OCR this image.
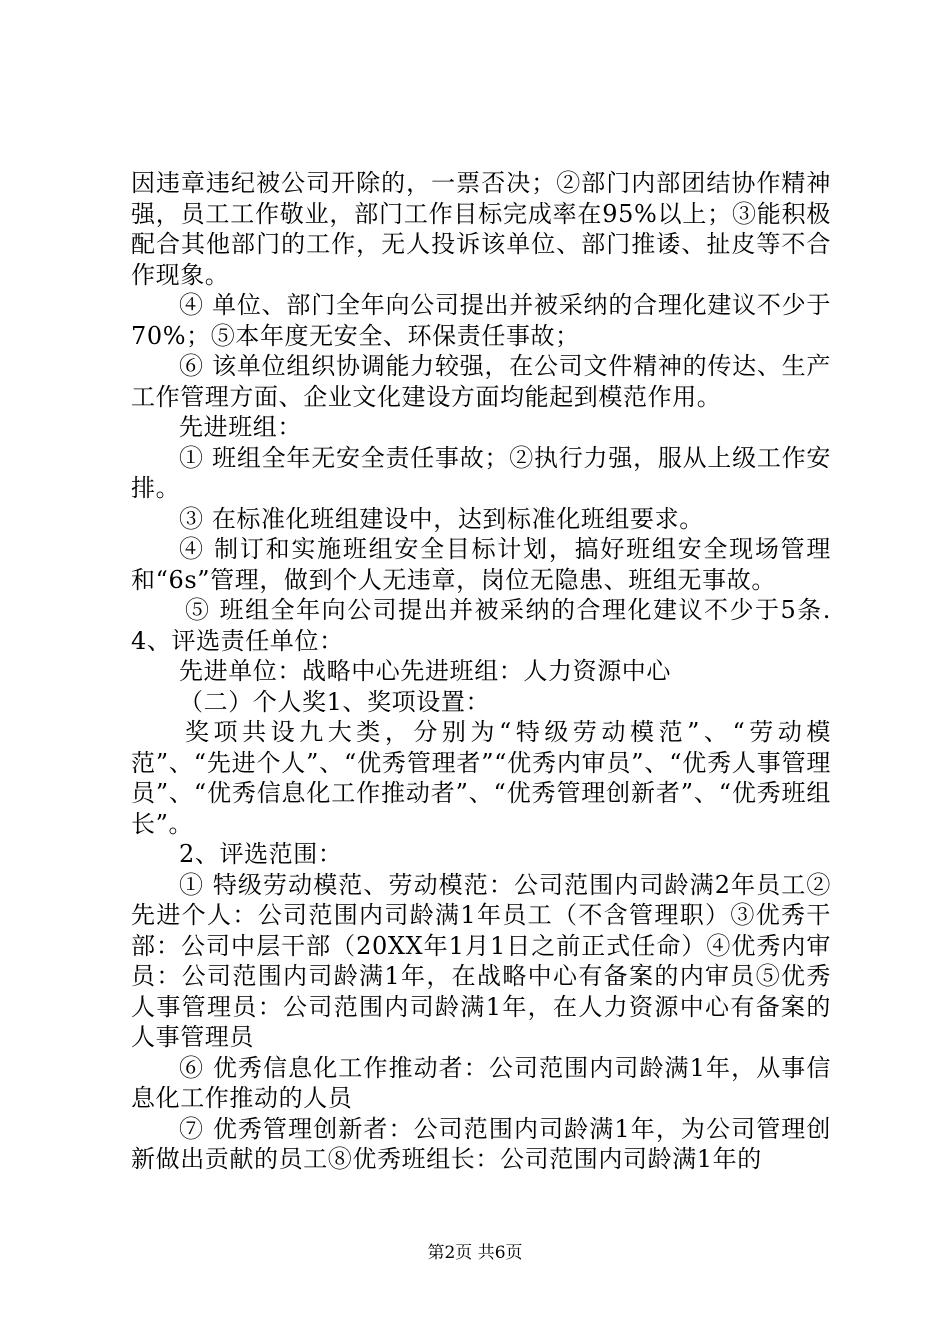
因违章违纪被公司开除的，一票否决；②部门内部团结协作精神强，员工工作敬业，部门工作目标完成率在95%以上；③能积极配合其他部门的工作，无人投诉该单位、部门推诿、扯皮等不合作现象。

④ 单位、部门全年向公司提出并被采纳的合理化建议不少于70%；⑤本年度无安全、环保责任事故；

⑥ 该单位组织协调能力较强，在公司文件精神的传达、生产工作管理方面、企业文化建设方面均能起到模范作用。

先进班组：

① 班组全年无安全责任事故；②执行力强，服从上级工作安排。

③ 在标准化班组建设中，达到标准化班组要求。

④ 制订和实施班组安全目标计划，搞好班组安全现场管理和“6s”管理，做到个人无违章，岗位无隐患、班组无事故。

⑤ 班组全年向公司提出并被采纳的合理化建议不少于5条.4、评选责任单位：

先进单位：战略中心先进班组：人力资源中心

（二）个人奖1、奖项设置：

奖项共设九大类，分别为“特级劳动模范”、“劳动模范”、“先进个人”、“优秀管理者”“优秀内审员”、“优秀人事管理员”、“优秀信息化工作推动者”、“优秀管理创新者”、“优秀班组长”。

2、评选范围：

① 特级劳动模范、劳动模范：公司范围内司龄满2年员工②先进个人：公司范围内司龄满1年员工（不含管理职）③优秀干部：公司中层干部（20XX年1月1日之前正式任命）④优秀内审员：公司范围内司龄满1年，在战略中心有备案的内审员⑤优秀人事管理员：公司范围内司龄满1年，在人力资源中心有备案的人事管理员

⑥ 优秀信息化工作推动者：公司范围内司龄满1年，从事信息化工作推动的人员

⑦ 优秀管理创新者：公司范围内司龄满1年，为公司管理创新做出贡献的员工⑧优秀班组长：公司范围内司龄满1年的

第2页 共6页
